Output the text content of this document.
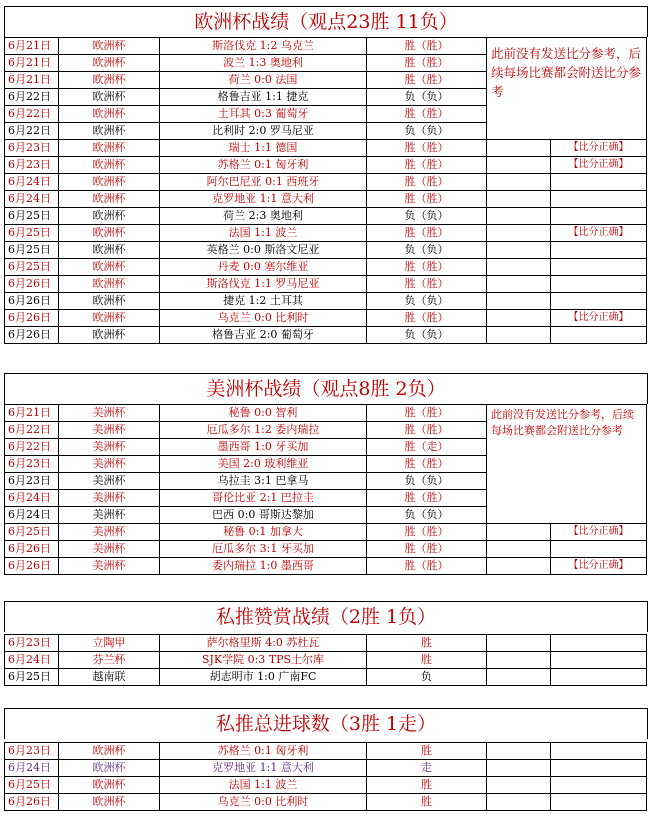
欧洲杯战绩（观点23胜 11负）
6月21日	欧洲杯	斯洛伐克 1:2 乌克兰	胜（胜）	此前没有发送比分参考，后续每场比赛都会附送比分参考	
6月21日	欧洲杯	波兰 1:3 奥地利	胜（胜）		
6月21日	欧洲杯	荷兰 0:0 法国	胜（胜）		
6月22日	欧洲杯	格鲁吉亚 1:1 捷克	负（负）		
6月22日	欧洲杯	土耳其 0:3 葡萄牙	胜（胜）		
6月22日	欧洲杯	比利时 2:0 罗马尼亚	负（负）		
6月23日	欧洲杯	瑞士 1:1 德国	胜（胜）		【比分正确】
6月23日	欧洲杯	苏格兰 0:1 匈牙利	胜（胜）		【比分正确】
6月24日	欧洲杯	阿尔巴尼亚 0:1 西班牙	胜（胜）		
6月24日	欧洲杯	克罗地亚 1:1 意大利	胜（胜）		
6月25日	欧洲杯	荷兰 2:3 奥地利	负（负）		
6月25日	欧洲杯	法国 1:1 波兰	胜（胜）		【比分正确】
6月25日	欧洲杯	英格兰 0:0 斯洛文尼亚	负（负）		
6月25日	欧洲杯	丹麦 0:0 塞尔维亚	胜（胜）		
6月26日	欧洲杯	斯洛伐克 1:1 罗马尼亚	胜（胜）		
6月26日	欧洲杯	捷克 1:2 土耳其	负（负）		
6月26日	欧洲杯	乌克兰 0:0 比利时	胜（胜）		【比分正确】
6月26日	欧洲杯	格鲁吉亚 2:0 葡萄牙	负（负）		
美洲杯战绩（观点8胜 2负）
6月21日	美洲杯	秘鲁 0:0 智利	胜（胜）	此前没有发送比分参考，后续每场比赛都会附送比分参考	
6月22日	美洲杯	厄瓜多尔 1:2 委内瑞拉	胜（胜）		
6月22日	美洲杯	墨西哥 1:0 牙买加	胜（走）		
6月23日	美洲杯	美国 2:0 玻利维亚	胜（胜）		
6月23日	美洲杯	乌拉圭 3:1 巴拿马	负（负）		
6月24日	美洲杯	哥伦比亚 2:1 巴拉圭	胜（胜）		
6月24日	美洲杯	巴西 0:0 哥斯达黎加	负（负）		
6月25日	美洲杯	秘鲁 0:1 加拿大	胜（胜）		【比分正确】
6月26日	美洲杯	厄瓜多尔 3:1 牙买加	胜（胜）		
6月26日	美洲杯	委内瑞拉 1:0 墨西哥	胜（胜）		【比分正确】
私推赞赏战绩（2胜 1负）
6月23日	立陶甲	萨尔格里斯 4:0 苏杜瓦	胜		
6月24日	芬兰杯	SJK学院 0:3 TPS土尔库	胜		
6月25日	越南联	胡志明市 1:0 广南FC	负		
私推总进球数（3胜 1走）
6月23日	欧洲杯	苏格兰 0:1 匈牙利	胜		
6月24日	欧洲杯	克罗地亚 1:1 意大利	走		
6月25日	欧洲杯	法国 1:1 波兰	胜		
6月26日	欧洲杯	乌克兰 0:0 比利时	胜		
